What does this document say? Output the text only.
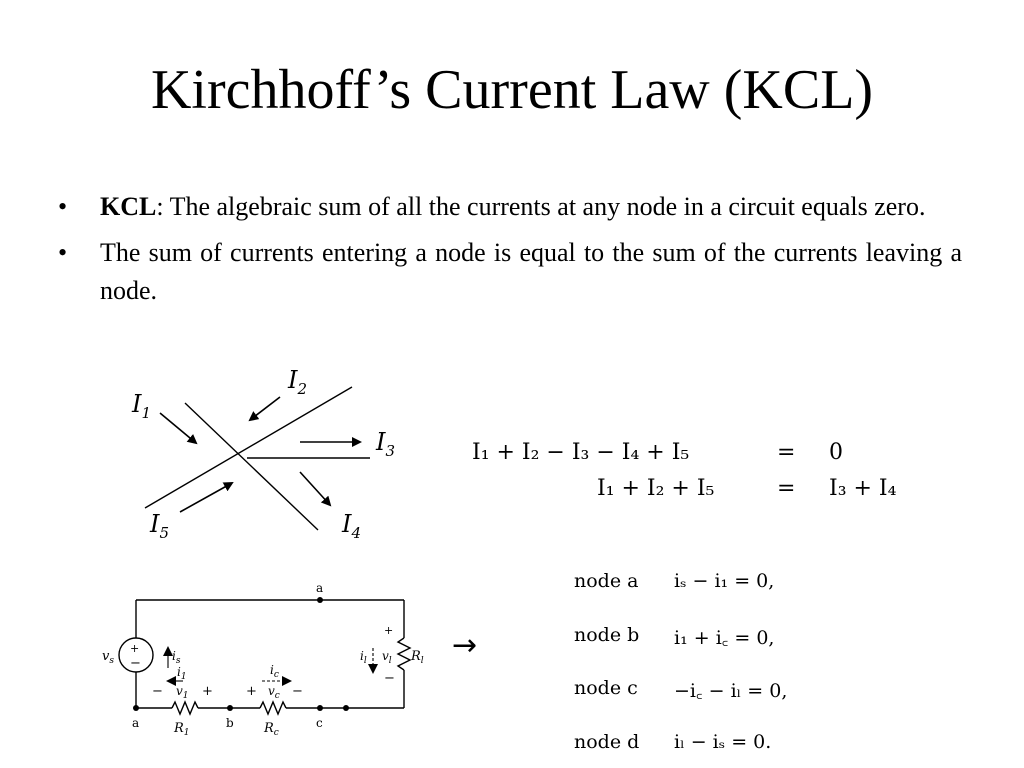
Kirchhoff’s Current Law (KCL)
• KCL: The algebraic sum of all the currents at any node in a circuit equals zero.
• The sum of currents entering a node is equal to the sum of the currents leaving a node.
$I_1$
$I_2$
$I_3$
$I_4$
$I_5$
I₁ + I₂ − I₃ − I₄ + I₅	= 0
I₁ + I₂ + I₅	= I₃ + I₄
+
−
$v_s$
a
a	b	c
$i_s$
$i_1$
− $v_1$ +
$R_1$
$i_c$
+ $v_c$ −
$R_c$
$i_l$
+
$v_l$
−
$R_l$ →
node a iₛ − i₁ = 0,
node b i₁ + i꜀ = 0,
node c −i꜀ − iₗ = 0,
node d iₗ − iₛ = 0.
